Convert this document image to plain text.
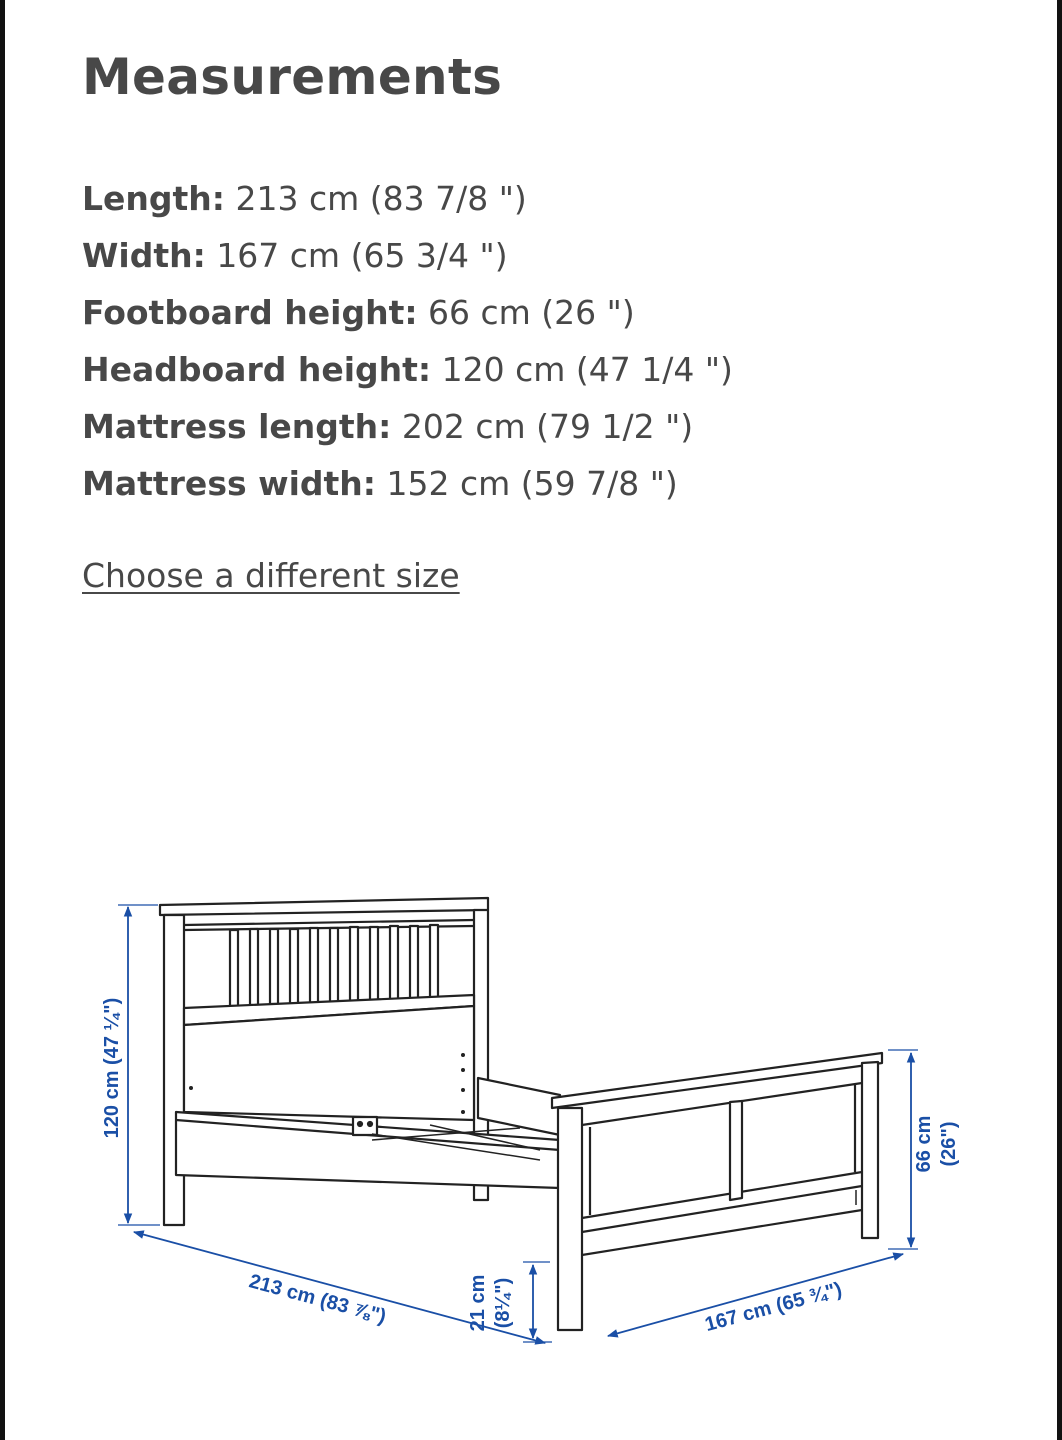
Measurements
Length: 213 cm (83 7/8 ")
Width: 167 cm (65 3/4 ")
Footboard height: 66 cm (26 ")
Headboard height: 120 cm (47 1/4 ")
Mattress length: 202 cm (79 1/2 ")
Mattress width: 152 cm (59 7/8 ")
Choose a different size
120 cm (47 ¼")
213 cm (83 ⅞")	21 cm (8¼")	167 cm (65 ¾")
66 cm (26")
